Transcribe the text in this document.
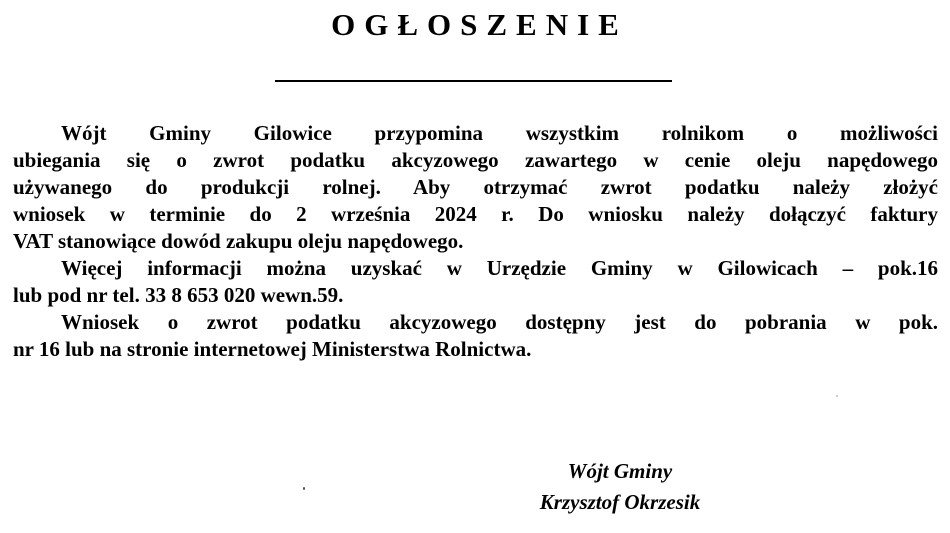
OGŁOSZENIE
Wójt Gminy Gilowice przypomina wszystkim rolnikom o możliwości
ubiegania się o zwrot podatku akcyzowego zawartego w cenie oleju napędowego
używanego do produkcji rolnej. Aby otrzymać zwrot podatku należy złożyć
wniosek w terminie do 2 września 2024 r. Do wniosku należy dołączyć faktury
VAT stanowiące dowód zakupu oleju napędowego.
Więcej informacji można uzyskać w Urzędzie Gminy w Gilowicach – pok.16
lub pod nr tel. 33 8 653 020 wewn.59.
Wniosek o zwrot podatku akcyzowego dostępny jest do pobrania w pok.
nr 16 lub na stronie internetowej Ministerstwa Rolnictwa.
Wójt Gminy
Krzysztof Okrzesik
